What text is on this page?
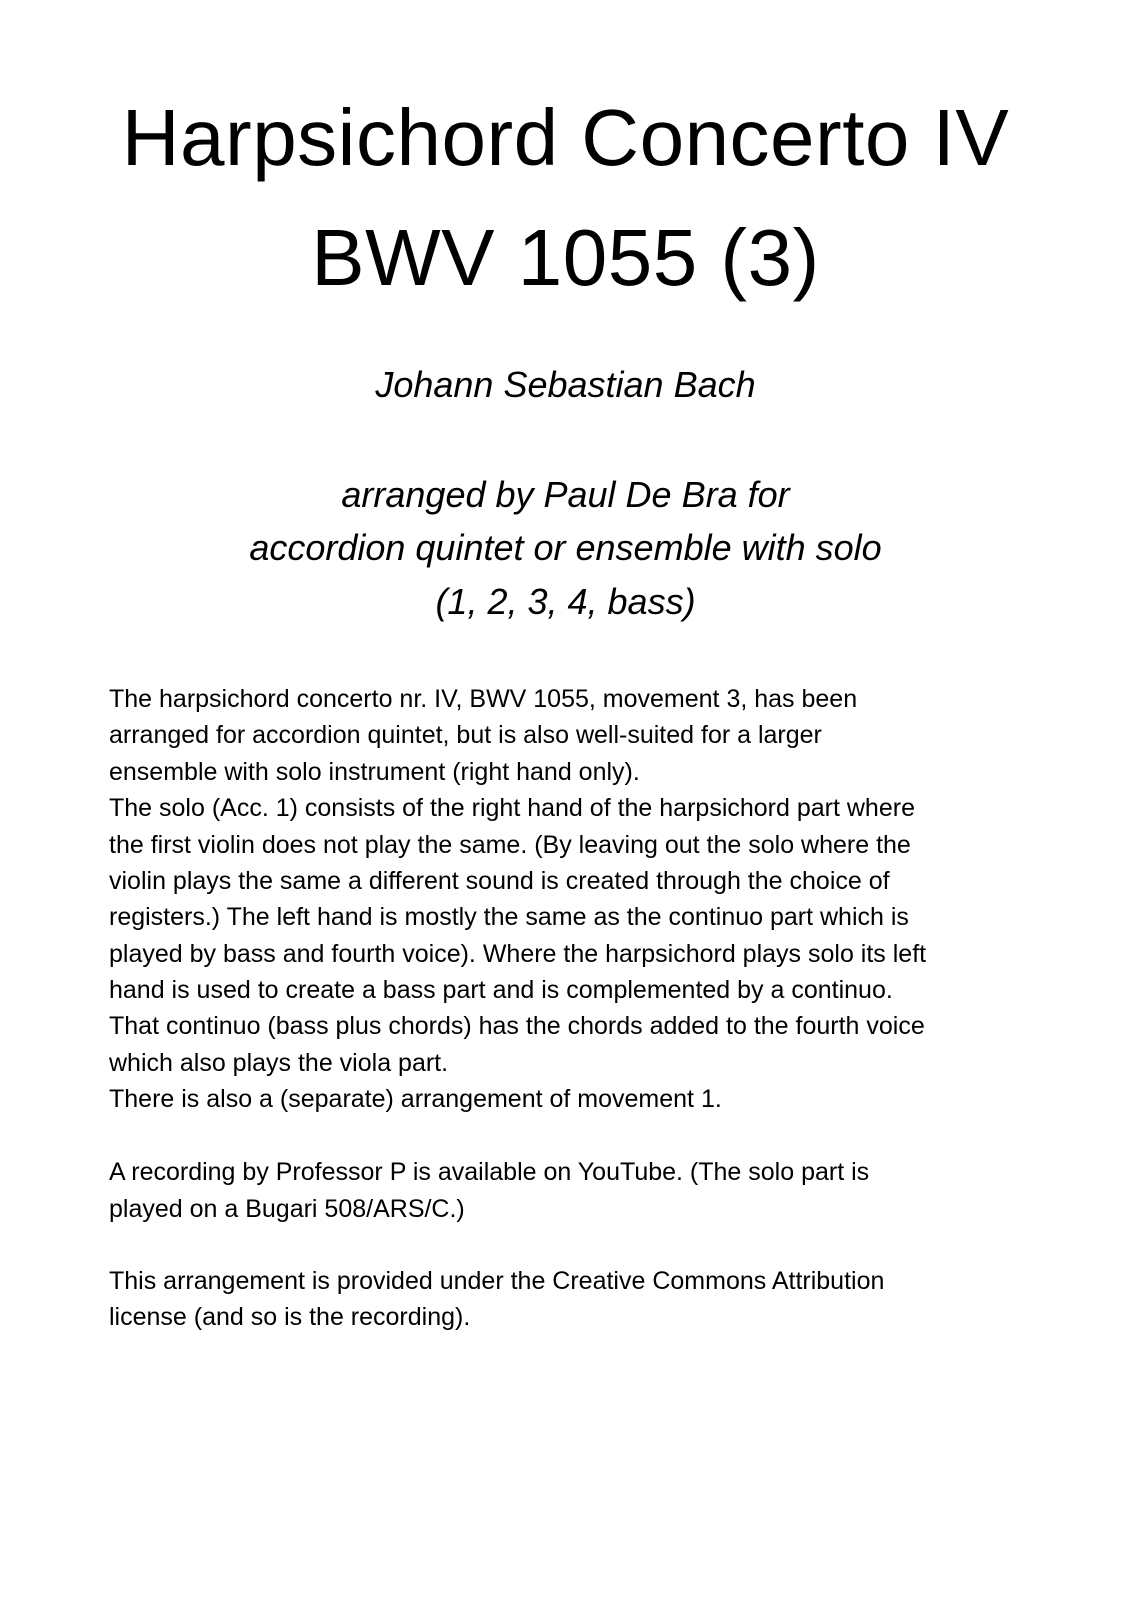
Harpsichord Concerto IV
BWV 1055 (3)

Johann Sebastian Bach

arranged by Paul De Bra for

accordion quintet or ensemble with solo

(1, 2, 3, 4, bass)

The harpsichord concerto nr. IV, BWV 1055, movement 3, has been

arranged for accordion quintet, but is also well-suited for a larger

ensemble with solo instrument (right hand only).

The solo (Acc. 1) consists of the right hand of the harpsichord part where

the first violin does not play the same. (By leaving out the solo where the

violin plays the same a different sound is created through the choice of

registers.) The left hand is mostly the same as the continuo part which is

played by bass and fourth voice). Where the harpsichord plays solo its left

hand is used to create a bass part and is complemented by a continuo.

That continuo (bass plus chords) has the chords added to the fourth voice

which also plays the viola part.

There is also a (separate) arrangement of movement 1.

A recording by Professor P is available on YouTube. (The solo part is

played on a Bugari 508/ARS/C.)

This arrangement is provided under the Creative Commons Attribution

license (and so is the recording).
